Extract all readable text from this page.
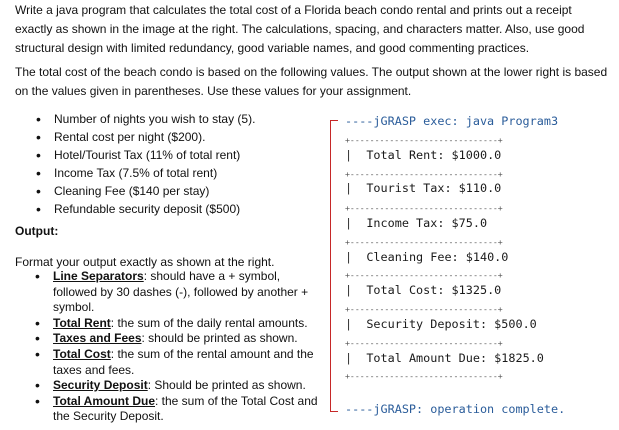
Write a java program that calculates the total cost of a Florida beach condo rental and prints out a receipt exactly as shown in the image at the right. The calculations, spacing, and characters matter. Also, use good structural design with limited redundancy, good variable names, and good commenting practices.

The total cost of the beach condo is based on the following values. The output shown at the lower right is based on the values given in parentheses. Use these values for your assignment.

• Number of nights you wish to stay (5).
• Rental cost per night ($200).
• Hotel/Tourist Tax (11% of total rent)
• Income Tax (7.5% of total rent)
• Cleaning Fee ($140 per stay)
• Refundable security deposit ($500)

Output:

Format your output exactly as shown at the right.

• Line Separators: should have a + symbol, followed by 30 dashes (-), followed by another + symbol.
• Total Rent: the sum of the daily rental amounts.
• Taxes and Fees: should be printed as shown.
• Total Cost: the sum of the rental amount and the taxes and fees.
• Security Deposit: Should be printed as shown.
• Total Amount Due: the sum of the Total Cost and the Security Deposit.
----jGRASP exec: java Program3
+------------------------------+
| Total Rent: $1000.0
+------------------------------+
| Tourist Tax: $110.0
+------------------------------+
| Income Tax: $75.0
+------------------------------+
| Cleaning Fee: $140.0
+------------------------------+
| Total Cost: $1325.0
+------------------------------+
| Security Deposit: $500.0
+------------------------------+
| Total Amount Due: $1825.0
+------------------------------+
----jGRASP: operation complete.
